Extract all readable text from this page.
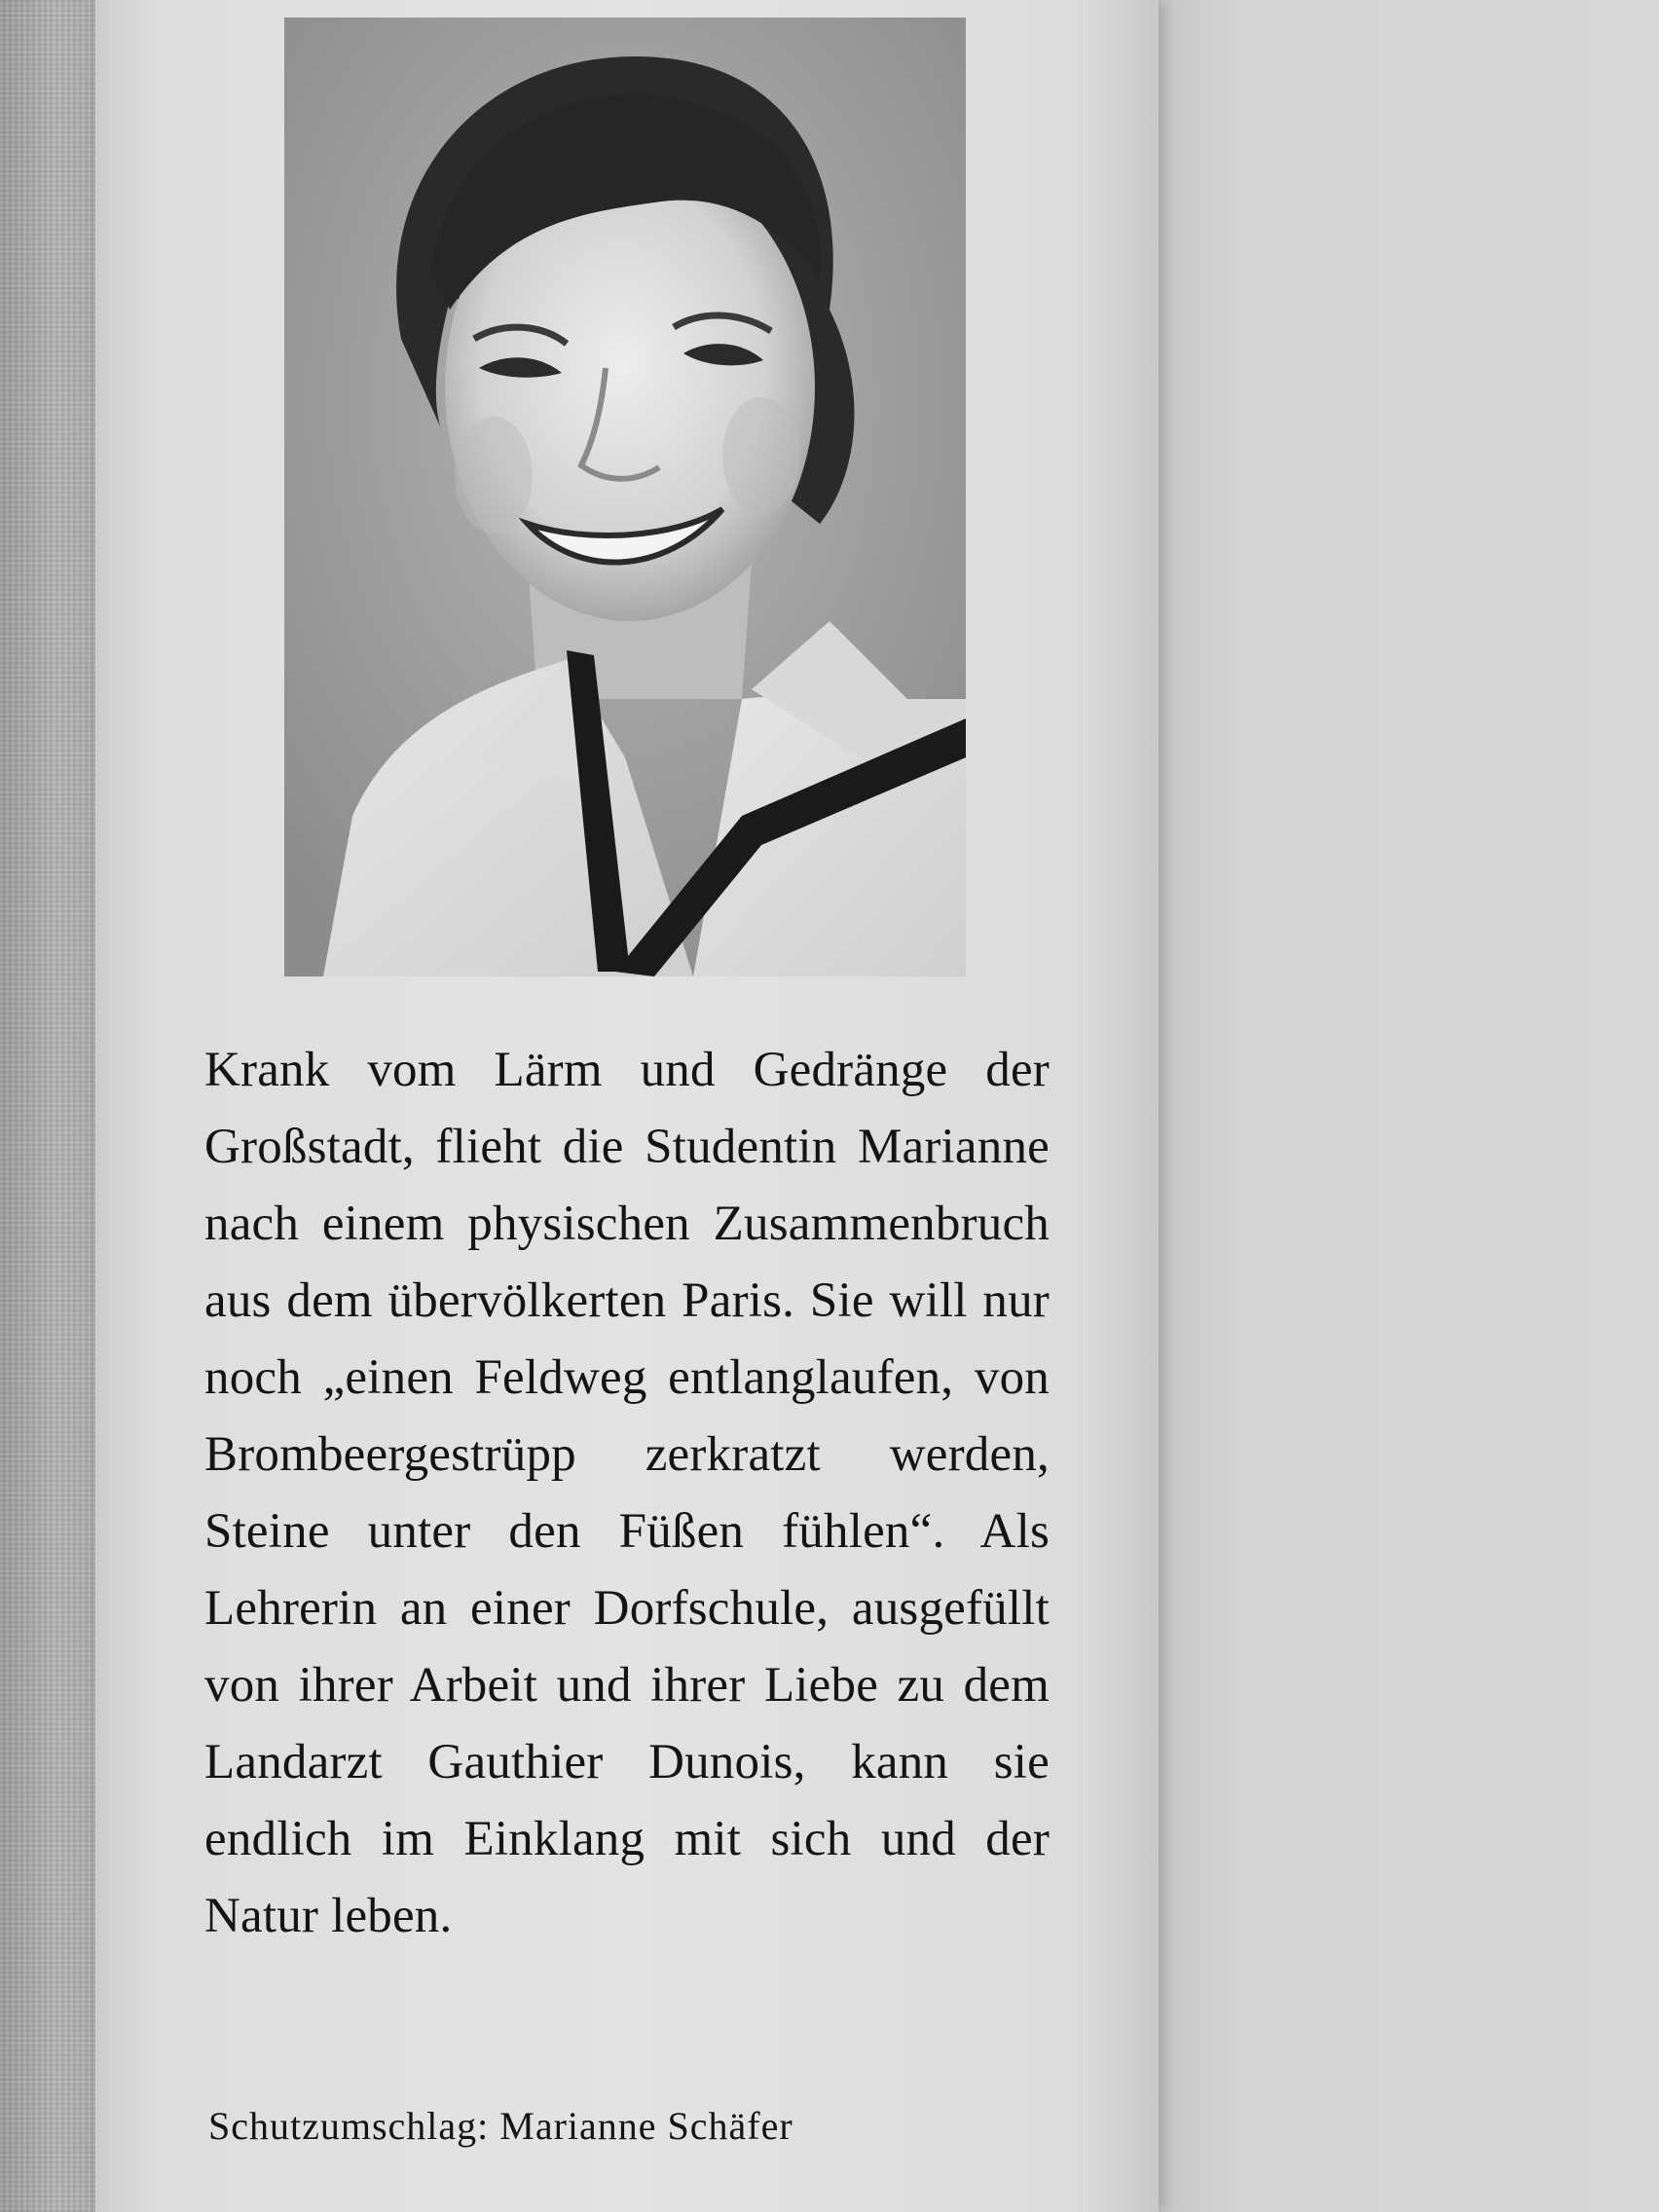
Krank vom Lärm und Gedränge der Großstadt, flieht die Studentin Marianne nach einem physischen Zusammenbruch aus dem übervölkerten Paris. Sie will nur noch „einen Feldweg entlanglaufen, von Brombeergestrüpp zerkratzt werden, Steine unter den Füßen fühlen“. Als Lehrerin an einer Dorfschule, ausgefüllt von ihrer Arbeit und ihrer Liebe zu dem Landarzt Gauthier Dunois, kann sie endlich im Einklang mit sich und der Natur leben.

Schutzumschlag: Marianne Schäfer
